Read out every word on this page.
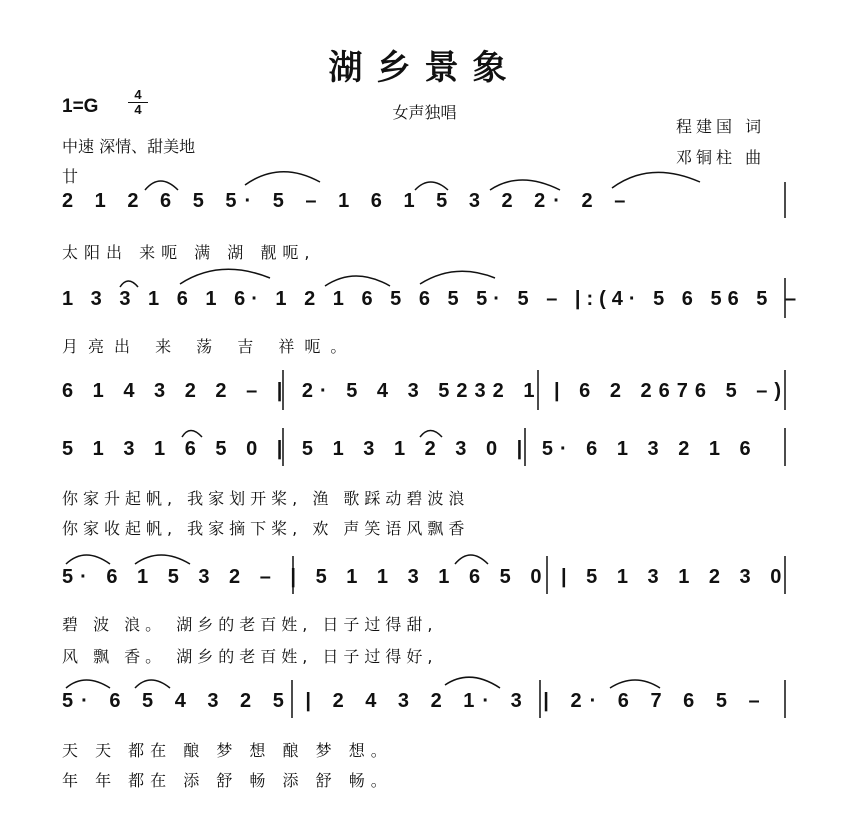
湖乡景象
女声独唱
1=G
4
4
程建国 词
邓铜柱 曲
中速 深情、甜美地
廿
2 1 2 6 5 5· 5 – 1 6 1 5 3 2 2· 2 –
太阳出 来呃 满 湖 靓呃,
1 3 3 1 6 1 6· 1 2 1 6 5 6 5 5· 5 – |:(4· 5 6 56 5 –
月亮出 来 荡 吉 祥呃。
6 1 4 3 2 2 – | 2· 5 4 3 5232 1 | 6 2 2676 5 –)
5 1 3 1 6 5 0 | 5 1 3 1 2 3 0 | 5· 6 1 3 2 1 6
你家升起帆, 我家划开桨, 渔 歌踩动碧波浪
你家收起帆, 我家摘下桨, 欢 声笑语风飘香
5· 6 1 5 3 2 – | 5 1 1 3 1 6 5 0 | 5 1 3 1 2 3 0
碧 波 浪。 湖乡的老百姓, 日子过得甜,
风 飘 香。 湖乡的老百姓, 日子过得好,
5· 6 5 4 3 2 5 | 2 4 3 2 1· 3 | 2· 6 7 6 5 –
天 天 都在 酿 梦 想 酿 梦 想。
年 年 都在 添 舒 畅 添 舒 畅。
